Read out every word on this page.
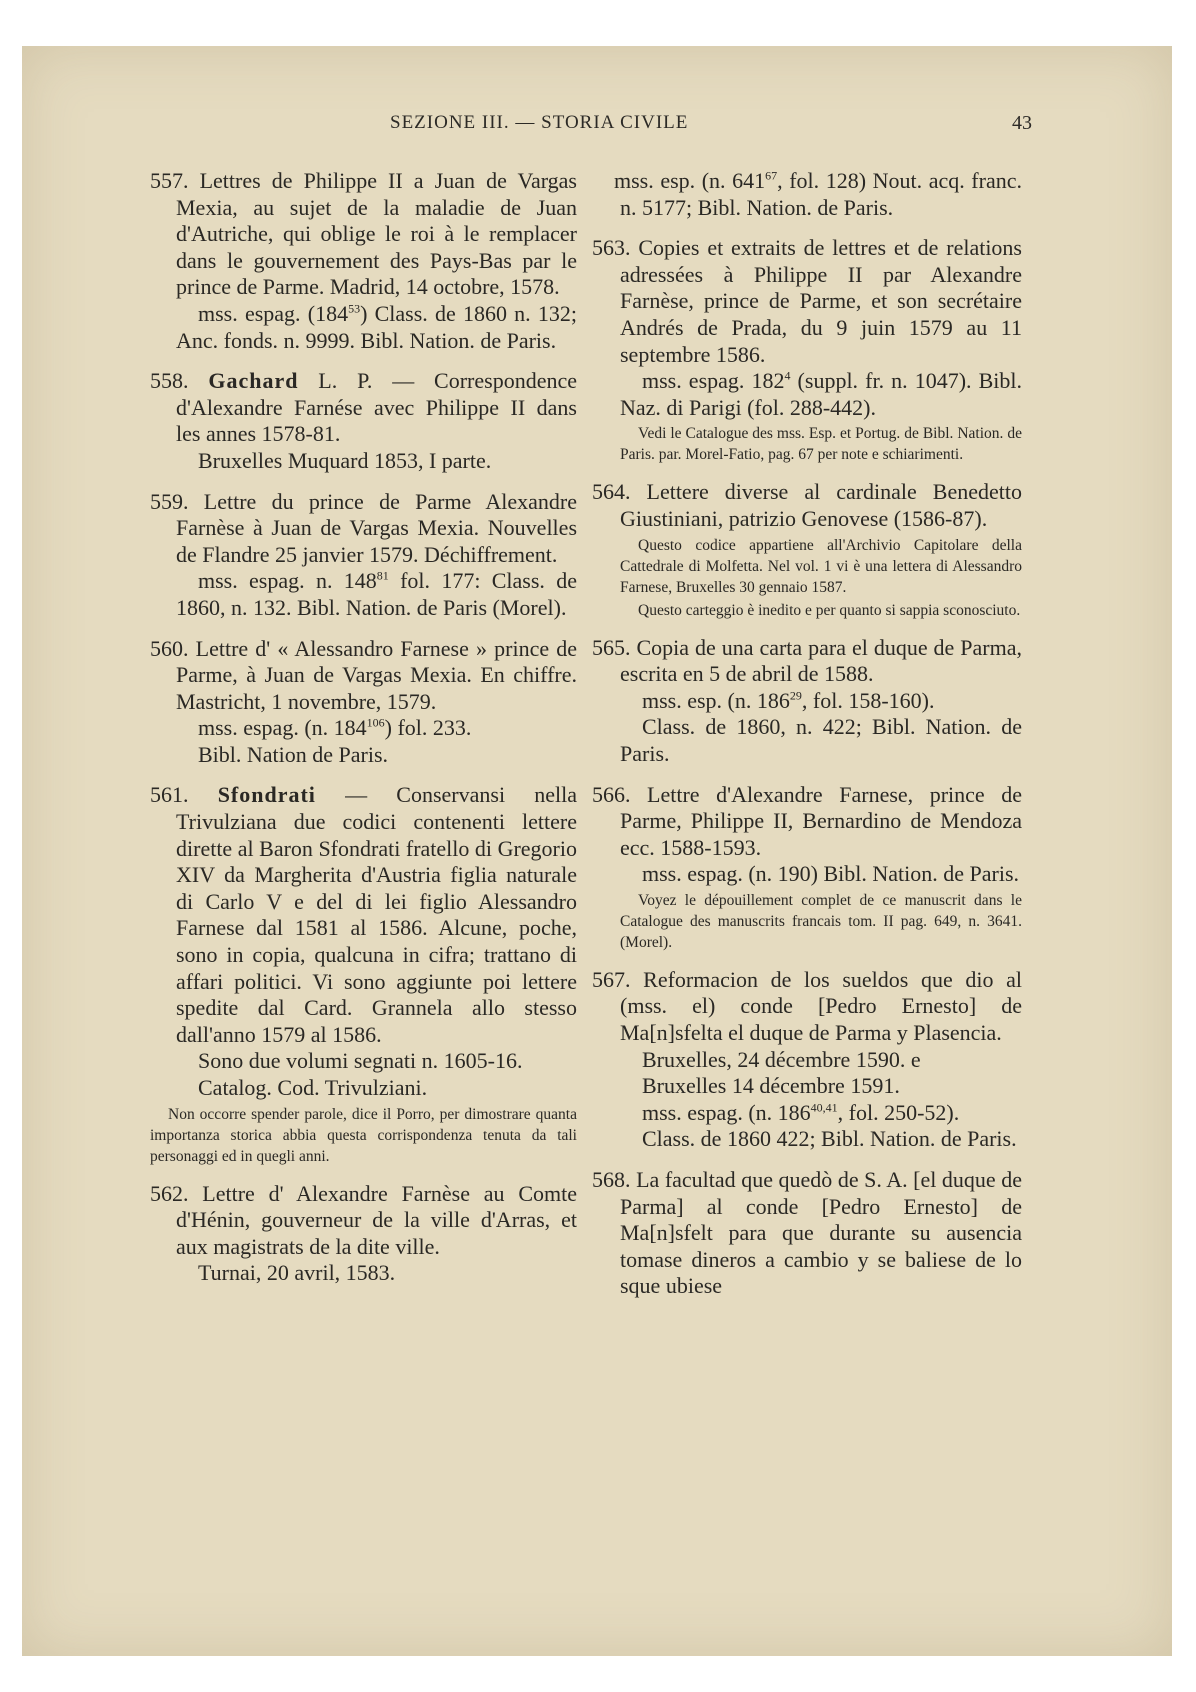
SEZIONE III. — STORIA CIVILE	43

557. Lettres de Philippe II a Juan de Vargas Mexia, au sujet de la maladie de Juan d'Autriche, qui oblige le roi à le remplacer dans le gouvernement des Pays-Bas par le prince de Parme. Madrid, 14 octobre, 1578.

mss. espag. $(184^{53})$ Class. de 1860 n. 132; Anc. fonds. n. 9999. Bibl. Nation. de Paris.

558. Gachard L. P. — Correspondence d'Alexandre Farnése avec Philippe II dans les annes 1578-81.

Bruxelles Muquard 1853, I parte.

559. Lettre du prince de Parme Alexandre Farnèse à Juan de Vargas Mexia. Nouvelles de Flandre 25 janvier 1579. Déchiffrement.

mss. espag. n. $148^{81}$ fol. 177: Class. de 1860, n. 132. Bibl. Nation. de Paris (Morel).

560. Lettre d' « Alessandro Farnese » prince de Parme, à Juan de Vargas Mexia. En chiffre. Mastricht, 1 novembre, 1579.

mss. espag. (n. $184^{106}$) fol. 233.

Bibl. Nation de Paris.

561. Sfondrati — Conservansi nella Trivulziana due codici contenenti lettere dirette al Baron Sfondrati fratello di Gregorio XIV da Margherita d'Austria figlia naturale di Carlo V e del di lei figlio Alessandro Farnese dal 1581 al 1586. Alcune, poche, sono in copia, qualcuna in cifra; trattano di affari politici. Vi sono aggiunte poi lettere spedite dal Card. Grannela allo stesso dall'anno 1579 al 1586.

Sono due volumi segnati n. 1605-16.

Catalog. Cod. Trivulziani.

Non occorre spender parole, dice il Porro, per dimostrare quanta importanza storica abbia questa corrispondenza tenuta da tali personaggi ed in quegli anni.

562. Lettre d' Alexandre Farnèse au Comte d'Hénin, gouverneur de la ville d'Arras, et aux magistrats de la dite ville.

Turnai, 20 avril, 1583.

mss. esp. (n. $641^{67}$, fol. 128) Nout. acq. franc. n. 5177; Bibl. Nation. de Paris.

563. Copies et extraits de lettres et de relations adressées à Philippe II par Alexandre Farnèse, prince de Parme, et son secrétaire Andrés de Prada, du 9 juin 1579 au 11 septembre 1586.

mss. espag. $182^4$ (suppl. fr. n. 1047). Bibl. Naz. di Parigi (fol. 288-442).

Vedi le Catalogue des mss. Esp. et Portug. de Bibl. Nation. de Paris. par. Morel-Fatio, pag. 67 per note e schiarimenti.

564. Lettere diverse al cardinale Benedetto Giustiniani, patrizio Genovese (1586-87).

Questo codice appartiene all'Archivio Capitolare della Cattedrale di Molfetta. Nel vol. 1 vi è una lettera di Alessandro Farnese, Bruxelles 30 gennaio 1587.

Questo carteggio è inedito e per quanto si sappia sconosciuto.

565. Copia de una carta para el duque de Parma, escrita en 5 de abril de 1588.

mss. esp. (n. $186^{29}$, fol. 158-160).

Class. de 1860, n. 422; Bibl. Nation. de Paris.

566. Lettre d'Alexandre Farnese, prince de Parme, Philippe II, Bernardino de Mendoza ecc. 1588-1593.

mss. espag. (n. 190) Bibl. Nation. de Paris.

Voyez le dépouillement complet de ce manuscrit dans le Catalogue des manuscrits francais tom. II pag. 649, n. 3641. (Morel).

567. Reformacion de los sueldos que dio al (mss. el) conde [Pedro Ernesto] de Ma[n]sfelta el duque de Parma y Plasencia.

Bruxelles, 24 décembre 1590. e

Bruxelles 14 décembre 1591.

mss. espag. (n. 186$^{40,41}$, fol. 250-52).

Class. de 1860 422; Bibl. Nation. de Paris.

568. La facultad que quedò de S. A. [el duque de Parma] al conde [Pedro Ernesto] de Ma[n]sfelt para que durante su ausencia tomase dineros a cambio y se baliese de lo sque ubiese
